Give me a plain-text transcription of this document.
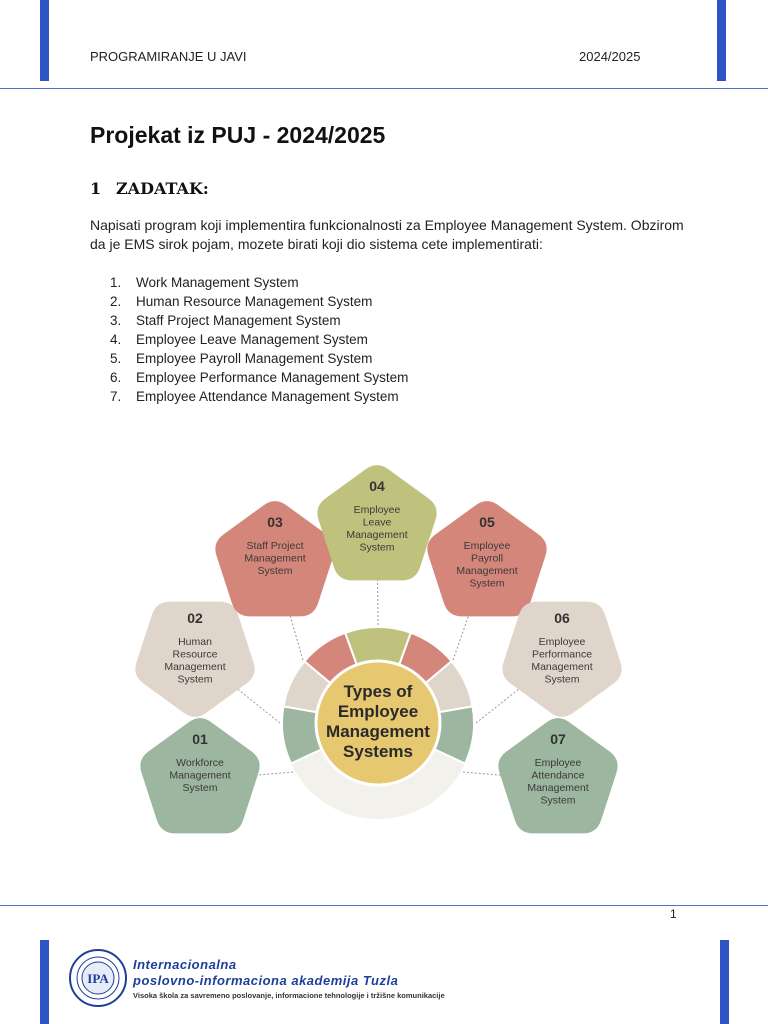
PROGRAMIRANJE U JAVI	2024/2025
Projekat iz PUJ - 2024/2025
1 ZADATAK:
Napisati program koji implementira funkcionalnosti za Employee Management System. Obzirom
da je EMS sirok pojam, mozete birati koji dio sistema cete implementirati:
1. Work Management System
2. Human Resource Management System
3. Staff Project Management System
4. Employee Leave Management System
5. Employee Payroll Management System
6. Employee Performance Management System
7. Employee Attendance Management System
Types of
Employee
Management
Systems
01
Workforce
Management
System
02
Human
Resource
Management
System
03
Staff Project
Management
System
04
Employee
Leave
Management
System
05
Employee
Payroll
Management
System
06
Employee
Performance
Management
System
07
Employee
Attendance
Management
System
1
IPA
Internacionalna
poslovno-informaciona akademija Tuzla
Visoka škola za savremeno poslovanje, informacione tehnologije i tržišne komunikacije
